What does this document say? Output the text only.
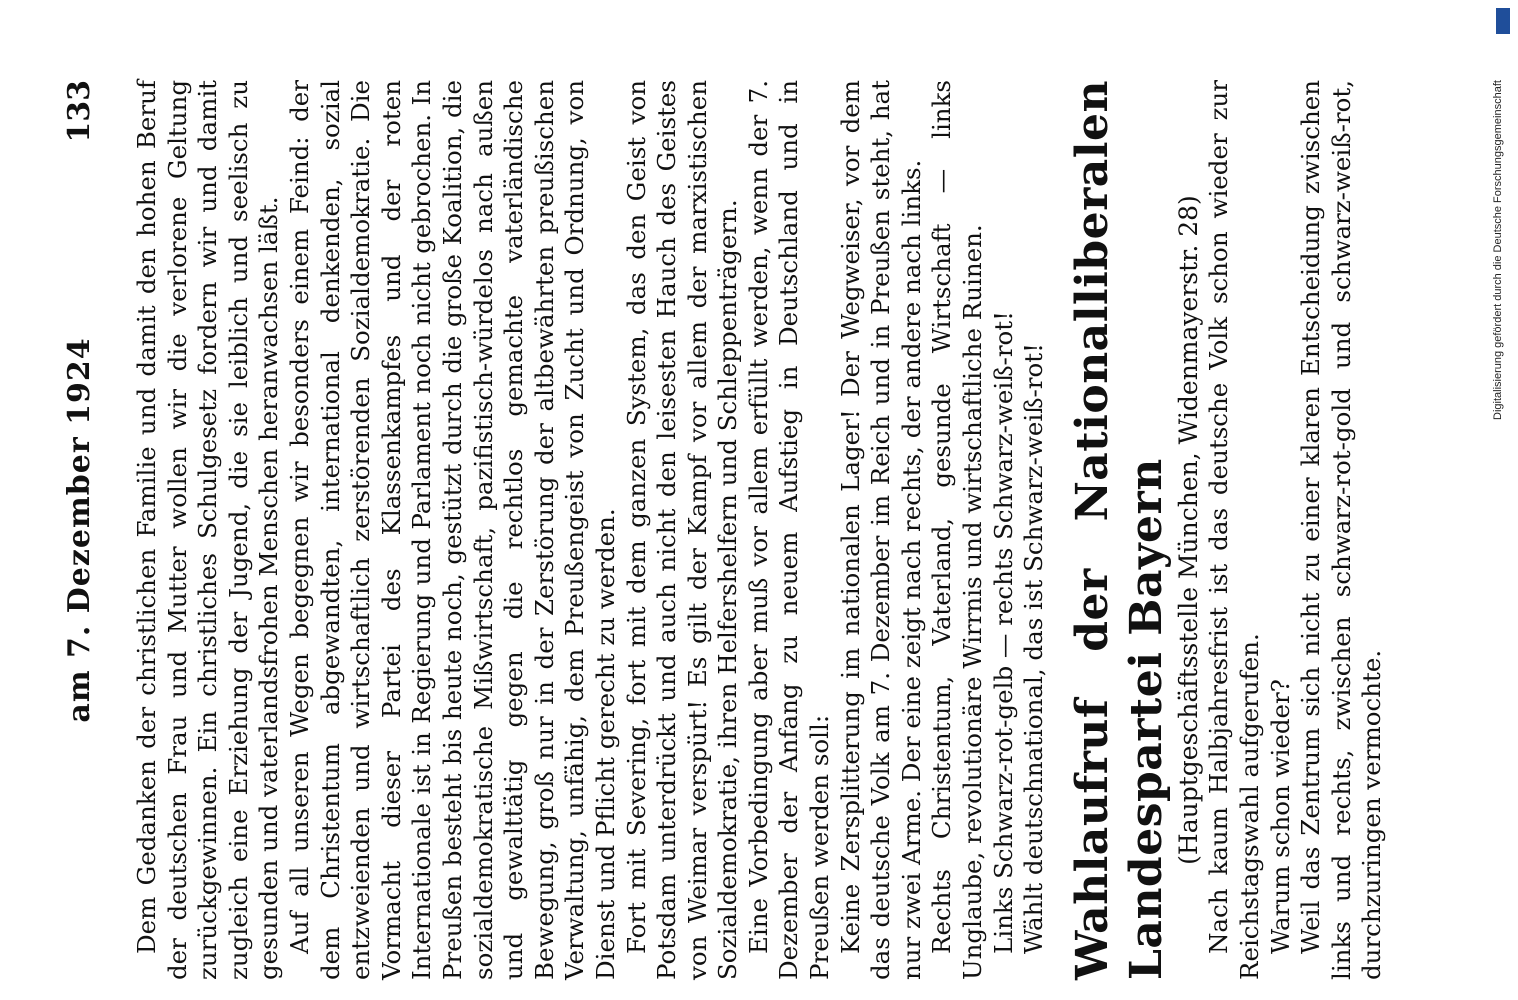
am 7. Dezember 1924
133 Dem Gedanken der christlichen Familie und damit den hohen Beruf der deutschen Frau und Mutter wollen wir die verlorene Geltung zurückgewinnen. Ein christliches Schulgesetz fordern wir und damit zugleich eine Erziehung der Jugend, die sie leiblich und seelisch zu gesunden und vaterlandsfrohen Menschen heranwachsen läßt. Auf all unseren Wegen begegnen wir besonders einem Feind: der dem Christentum abgewandten, international denkenden, sozial entzweienden und wirtschaftlich zerstörenden Sozialdemokratie. Die Vormacht dieser Partei des Klassenkampfes und der roten Internationale ist in Regierung und Parlament noch nicht gebrochen. In Preußen besteht bis heute noch, gestützt durch die große Koalition, die sozialdemokratische Mißwirtschaft, pazifistisch-würdelos nach außen und gewalttätig gegen die rechtlos gemachte vaterländische Bewegung, groß nur in der Zerstörung der altbewährten preußischen Verwaltung, unfähig, dem Preußengeist von Zucht und Ordnung, von Dienst und Pflicht gerecht zu werden. Fort mit Severing, fort mit dem ganzen System, das den Geist von Potsdam unterdrückt und auch nicht den leisesten Hauch des Geistes von Weimar verspürt! Es gilt der Kampf vor allem der marxistischen Sozialdemokratie, ihren Helfershelfern und Schleppenträgern. Eine Vorbedingung aber muß vor allem erfüllt werden, wenn der 7. Dezember der Anfang zu neuem Aufstieg in Deutschland und in Preußen werden soll: Keine Zersplitterung im nationalen Lager! Der Wegweiser, vor dem das deutsche Volk am 7. Dezember im Reich und in Preußen steht, hat nur zwei Arme. Der eine zeigt nach rechts, der andere nach links. Rechts Christentum, Vaterland, gesunde Wirtschaft — links Unglaube, revolutionäre Wirrnis und wirtschaftliche Ruinen. Links Schwarz-rot-gelb — rechts Schwarz-weiß-rot! Wählt deutschnational, das ist Schwarz-weiß-rot! Wahlaufruf der Nationalliberalen Landespartei Bayern (Hauptgeschäftsstelle München, Widenmayerstr. 28) Nach kaum Halbjahresfrist ist das deutsche Volk schon wieder zur Reichstagswahl aufgerufen. Warum schon wieder? Weil das Zentrum sich nicht zu einer klaren Entscheidung zwischen links und rechts, zwischen schwarz-rot-gold und schwarz-weiß-rot, durchzuringen vermochte.

Digitalisierung gefördert durch die Deutsche Forschungsgemeinschaft
